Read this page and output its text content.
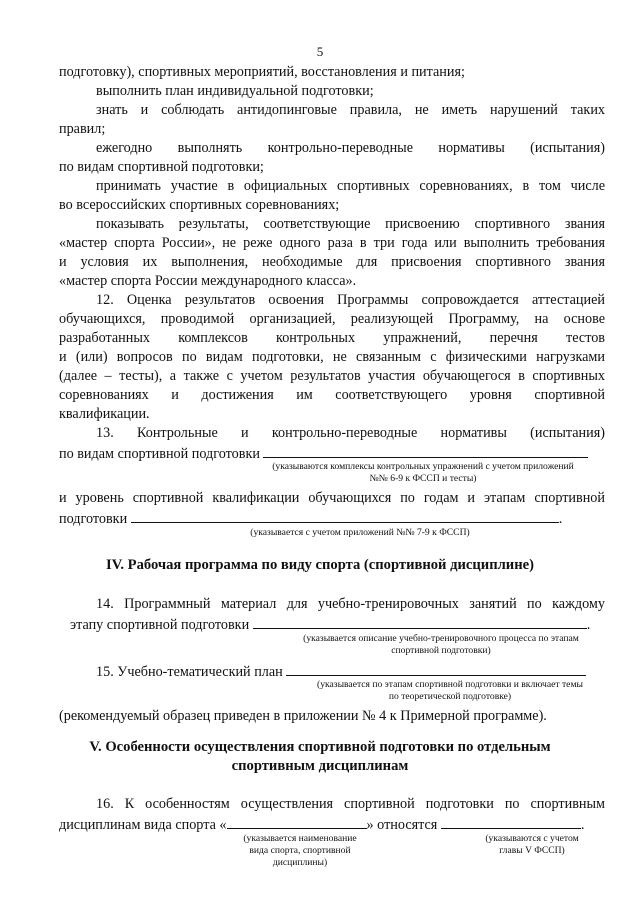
5
подготовку), спортивных мероприятий, восстановления и питания;
выполнить план индивидуальной подготовки;
знать и соблюдать антидопинговые правила, не иметь нарушений таких
правил;
ежегодно выполнять контрольно-переводные нормативы (испытания)
по видам спортивной подготовки;
принимать участие в официальных спортивных соревнованиях, в том числе
во всероссийских спортивных соревнованиях;
показывать результаты, соответствующие присвоению спортивного звания
«мастер спорта России», не реже одного раза в три года или выполнить требования
и условия их выполнения, необходимые для присвоения спортивного звания
«мастер спорта России международного класса».
12. Оценка результатов освоения Программы сопровождается аттестацией
обучающихся, проводимой организацией, реализующей Программу, на основе
разработанных комплексов контрольных упражнений, перечня тестов
и (или) вопросов по видам подготовки, не связанным с физическими нагрузками
(далее – тесты), а также с учетом результатов участия обучающегося в спортивных
соревнованиях и достижения им соответствующего уровня спортивной
квалификации.
13. Контрольные и контрольно-переводные нормативы (испытания)
по видам спортивной подготовки
(указываются комплексы контрольных упражнений с учетом приложений
№№ 6-9 к ФССП и тесты)
и уровень спортивной квалификации обучающихся по годам и этапам спортивной
подготовки	.
(указывается с учетом приложений №№ 7-9 к ФССП)
IV. Рабочая программа по виду спорта (спортивной дисциплине)
14. Программный материал для учебно-тренировочных занятий по каждому
этапу спортивной подготовки	.
(указывается описание учебно-тренировочного процесса по этапам
спортивной подготовки)
15. Учебно-тематический план
(указывается по этапам спортивной подготовки и включает темы
по теоретической подготовке)
(рекомендуемый образец приведен в приложении № 4 к Примерной программе).
V. Особенности осуществления спортивной подготовки по отдельным
спортивным дисциплинам
16. К особенностям осуществления спортивной подготовки по спортивным
дисциплинам вида спорта «	» относятся	.
(указывается наименование
вида спорта, спортивной
дисциплины)
(указываются с учетом
главы V ФССП)
